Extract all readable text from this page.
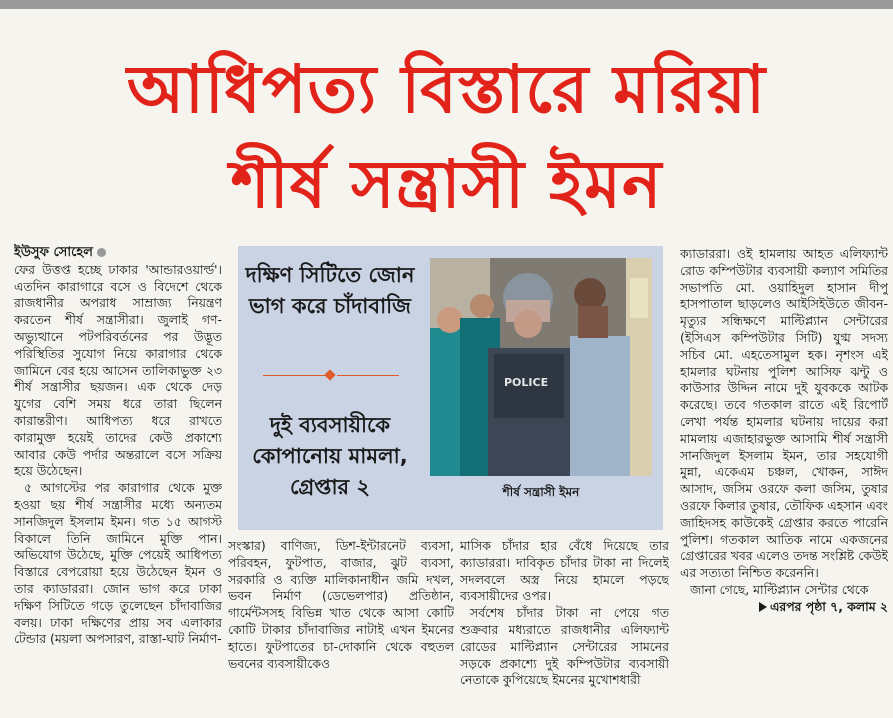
আধিপত্য বিস্তারে মরিয়া
শীর্ষ সন্ত্রাসী ইমন

ইউসুফ সোহেল

ফের উত্তপ্ত হচ্ছে ঢাকার 'আন্ডারওয়ার্ল্ড'। এতদিন কারাগারে বসে ও বিদেশে থেকে রাজধানীর অপরাধ সাম্রাজ্য নিয়ন্ত্রণ করতেন শীর্ষ সন্ত্রাসীরা। জুলাই গণ-অভ্যুত্থানে পটপরিবর্তনের পর উদ্ভূত পরিস্থিতির সুযোগ নিয়ে কারাগার থেকে জামিনে বের হয়ে আসেন তালিকাভুক্ত ২৩ শীর্ষ সন্ত্রাসীর ছয়জন। এক থেকে দেড় যুগের বেশি সময় ধরে তারা ছিলেন কারান্তরীণ। আধিপত্য ধরে রাখতে কারামুক্ত হয়েই তাদের কেউ প্রকাশ্যে আবার কেউ পর্দার অন্তরালে বসে সক্রিয় হয়ে উঠেছেন।

৫ আগস্টের পর কারাগার থেকে মুক্ত হওয়া ছয় শীর্ষ সন্ত্রাসীর মধ্যে অন্যতম সানজিদুল ইসলাম ইমন। গত ১৫ আগস্ট বিকালে তিনি জামিনে মুক্তি পান। অভিযোগ উঠেছে, মুক্তি পেয়েই আধিপত্য বিস্তারে বেপরোয়া হয়ে উঠেছেন ইমন ও তার ক্যাডাররা। জোন ভাগ করে ঢাকা দক্ষিণ সিটিতে গড়ে তুলেছেন চাঁদাবাজির বলয়। ঢাকা দক্ষিণের প্রায় সব এলাকার টেন্ডার (ময়লা অপসারণ, রাস্তা-ঘাট নির্মাণ-

দক্ষিণ সিটিতে জোন ভাগ করে চাঁদাবাজি
দুই ব্যবসায়ীকে কোপানোয় মামলা, গ্রেপ্তার ২
POLICE
শীর্ষ সন্ত্রাসী ইমন

সংস্কার) বাণিজ্য, ডিশ-ইন্টারনেট ব্যবসা, পরিবহন, ফুটপাত, বাজার, ঝুট ব্যবসা, সরকারি ও ব্যক্তি মালিকানাধীন জমি দখল, ভবন নির্মাণ (ডেভেলপার) প্রতিষ্ঠান, গার্মেন্টসসহ বিভিন্ন খাত থেকে আসা কোটি কোটি টাকার চাঁদাবাজির নাটাই এখন ইমনের হাতে। ফুটপাতের চা-দোকানি থেকে বহুতল ভবনের ব্যবসায়ীকেও

মাসিক চাঁদার হার বেঁধে দিয়েছে তার ক্যাডাররা। দাবিকৃত চাঁদার টাকা না দিলেই সদলবলে অস্ত্র নিয়ে হামলে পড়ছে ব্যবসায়ীদের ওপর।

সর্বশেষ চাঁদার টাকা না পেয়ে গত শুক্রবার মধ্যরাতে রাজধানীর এলিফ্যান্ট রোডের মাল্টিপ্ল্যান সেন্টারের সামনের সড়কে প্রকাশ্যে দুই কম্পিউটার ব্যবসায়ী নেতাকে কুপিয়েছে ইমনের মুখোশধারী

ক্যাডাররা। ওই হামলায় আহত এলিফ্যান্ট রোড কম্পিউটার ব্যবসায়ী কল্যাণ সমিতির সভাপতি মো. ওয়াহিদুল হাসান দীপু হাসপাতাল ছাড়লেও আইসিইউতে জীবন-মৃত্যুর সন্ধিক্ষণে মাল্টিপ্ল্যান সেন্টারের (ইসিএস কম্পিউটার সিটি) যুগ্ম সদস্য সচিব মো. এহতেসামুল হক। নৃশংস এই হামলার ঘটনায় পুলিশ আসিফ ঝন্টু ও কাউসার উদ্দিন নামে দুই যুবককে আটক করেছে। তবে গতকাল রাতে এই রিপোর্ট লেখা পর্যন্ত হামলার ঘটনায় দায়ের করা মামলায় এজাহারভুক্ত আসামি শীর্ষ সন্ত্রাসী সানজিদুল ইসলাম ইমন, তার সহযোগী মুন্না, একেএম চঞ্চল, খোকন, সাঈদ আসাদ, জসিম ওরফে কলা জসিম, তুষার ওরফে কিলার তুষার, তৌফিক এহসান এবং জাহিদসহ কাউকেই গ্রেপ্তার করতে পারেনি পুলিশ। গতকাল আতিক নামে একজনের গ্রেপ্তারের খবর এলেও তদন্ত সংশ্লিষ্ট কেউই এর সত্যতা নিশ্চিত করেননি।

জানা গেছে, মাল্টিপ্ল্যান সেন্টার থেকে

এরপর পৃষ্ঠা ৭, কলাম ২
